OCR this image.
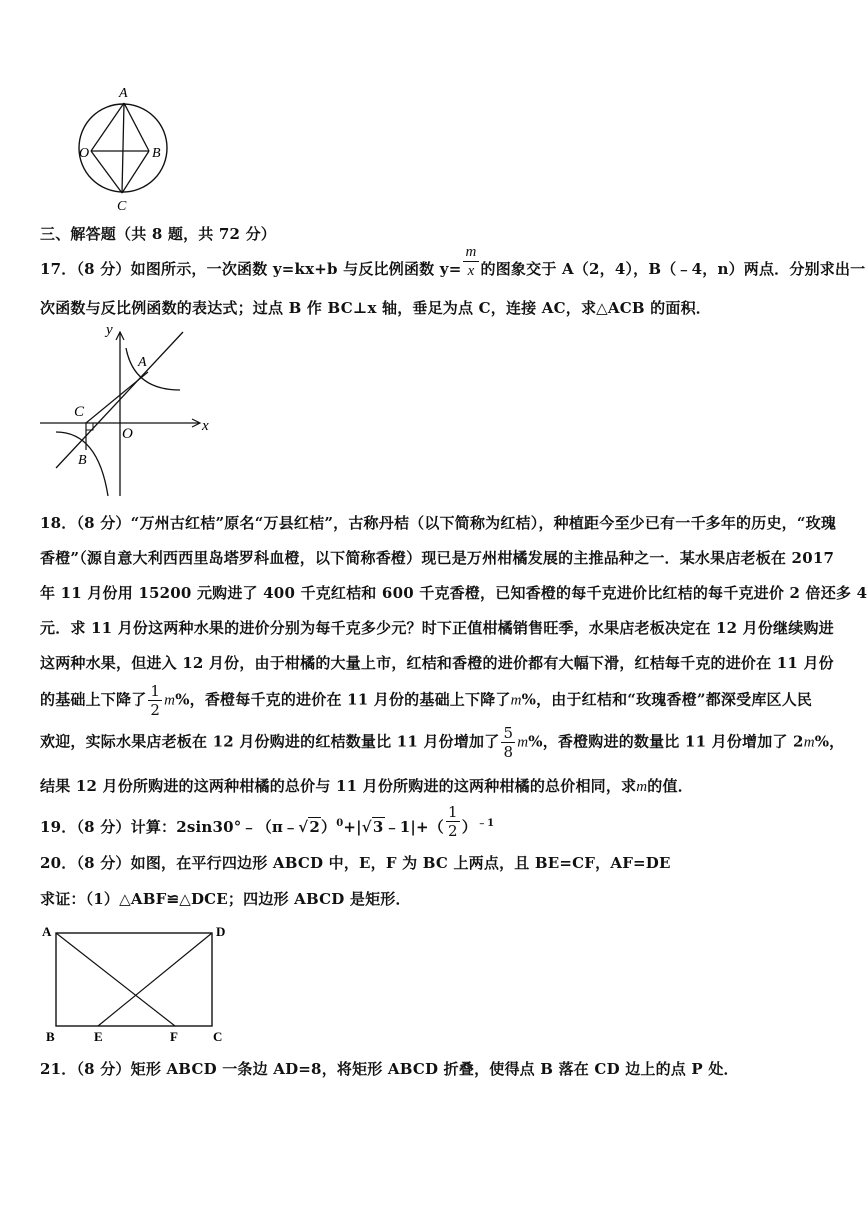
A
O	B
C
三、解答题（共 8 题，共 72 分）
17．（8 分）如图所示，一次函数 y=kx+b 与反比例函数 $y= \frac{m}{x}$ 的图象交于 A（2，4），B（﹣4，n）两点．分别求出一
次函数与反比例函数的表达式；过点 B 作 BC⊥x 轴，垂足为点 C，连接 AC，求△ACB 的面积．
y
x
A
C
O
B
18．（8 分）“万州古红桔”原名“万县红桔”，古称丹桔（以下简称为红桔），种植距今至少已有一千多年的历史，“玫瑰
香橙”（源自意大利西西里岛塔罗科血橙，以下简称香橙）现已是万州柑橘发展的主推品种之一．某水果店老板在 2017
年 11 月份用 15200 元购进了 400 千克红桔和 600 千克香橙，已知香橙的每千克进价比红桔的每千克进价 2 倍还多 4
元．求 11 月份这两种水果的进价分别为每千克多少元？时下正值柑橘销售旺季，水果店老板决定在 12 月份继续购进
这两种水果，但进入 12 月份，由于柑橘的大量上市，红桔和香橙的进价都有大幅下滑，红桔每千克的进价在 11 月份
的基础上下降了 $\frac{1}{2} m\%$，香橙每千克的进价在 11 月份的基础上下降了m%，由于红桔和“玫瑰香橙”都深受库区人民
欢迎，实际水果店老板在 12 月份购进的红桔数量比 11 月份增加了 $\frac{5}{8} m\%$，香橙购进的数量比 11 月份增加了 2m%，
结果 12 月份所购进的这两种柑橘的总价与 11 月份所购进的这两种柑橘的总价相同，求m的值．
19．（8 分）计算：2sin30°﹣（π﹣√2）$^0$+|√3﹣1|+（ $\frac{1}{2} )^{﹣1}$
20．（8 分）如图，在平行四边形 ABCD 中，E，F 为 BC 上两点，且 BE=CF，AF=DE
求证：（1）△ABF≌△DCE；四边形 ABCD 是矩形．
A	D
B	E	F	C
21．（8 分）矩形 ABCD 一条边 AD=8，将矩形 ABCD 折叠，使得点 B 落在 CD 边上的点 P 处．
